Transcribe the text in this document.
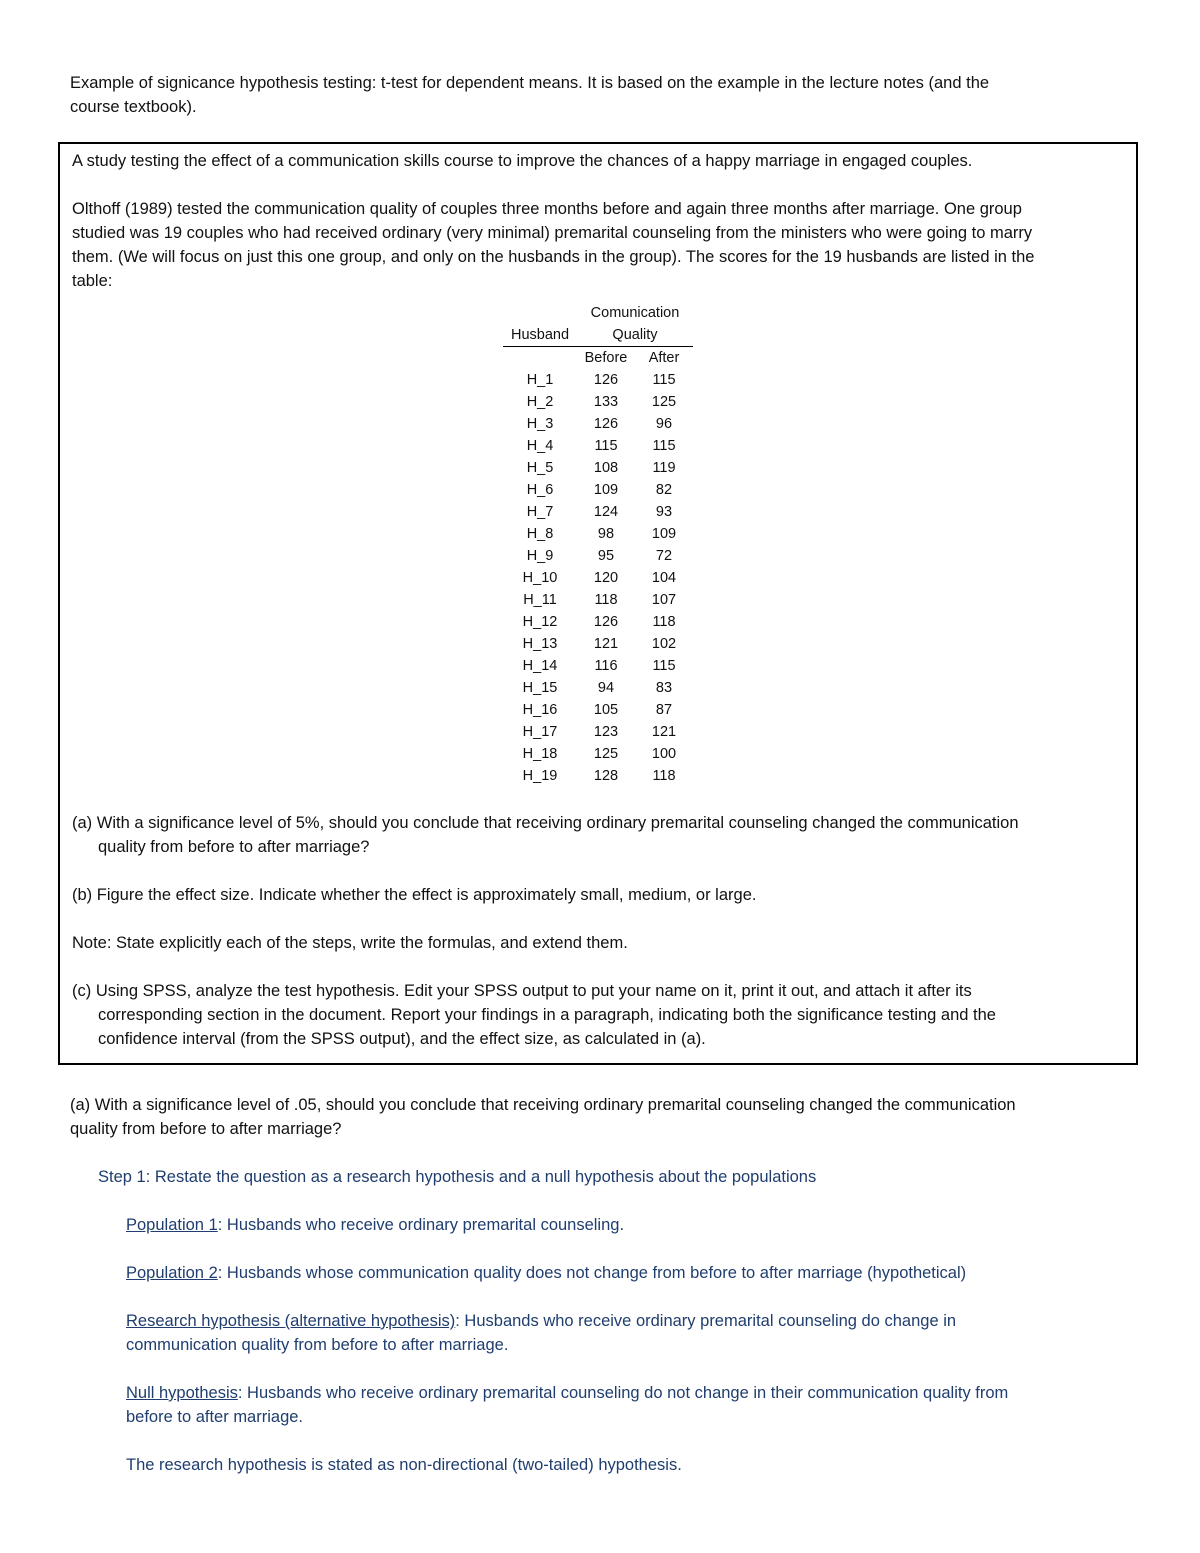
Example of signicance hypothesis testing: t-test for dependent means. It is based on the example in the lecture notes (and the
course textbook).

A study testing the effect of a communication skills course to improve the chances of a happy marriage in engaged couples.

Olthoff (1989) tested the communication quality of couples three months before and again three months after marriage. One group
studied was 19 couples who had received ordinary (very minimal) premarital counseling from the ministers who were going to marry
them. (We will focus on just this one group, and only on the husbands in the group). The scores for the 19 husbands are listed in the
table:

	Comunication	
Husband	Quality	
	Before	After
H_1	126	115
H_2	133	125
H_3	126	96
H_4	115	115
H_5	108	119
H_6	109	82
H_7	124	93
H_8	98	109
H_9	95	72
H_10	120	104
H_11	118	107
H_12	126	118
H_13	121	102
H_14	116	115
H_15	94	83
H_16	105	87
H_17	123	121
H_18	125	100
H_19	128	118

(a) With a significance level of 5%, should you conclude that receiving ordinary premarital counseling changed the communication
quality from before to after marriage?

(b) Figure the effect size. Indicate whether the effect is approximately small, medium, or large.

Note: State explicitly each of the steps, write the formulas, and extend them.

(c) Using SPSS, analyze the test hypothesis. Edit your SPSS output to put your name on it, print it out, and attach it after its
corresponding section in the document. Report your findings in a paragraph, indicating both the significance testing and the
confidence interval (from the SPSS output), and the effect size, as calculated in (a).

(a) With a significance level of .05, should you conclude that receiving ordinary premarital counseling changed the communication
quality from before to after marriage?

Step 1: Restate the question as a research hypothesis and a null hypothesis about the populations

Population 1: Husbands who receive ordinary premarital counseling.

Population 2: Husbands whose communication quality does not change from before to after marriage (hypothetical)

Research hypothesis (alternative hypothesis): Husbands who receive ordinary premarital counseling do change in
communication quality from before to after marriage.

Null hypothesis: Husbands who receive ordinary premarital counseling do not change in their communication quality from
before to after marriage.

The research hypothesis is stated as non-directional (two-tailed) hypothesis.
